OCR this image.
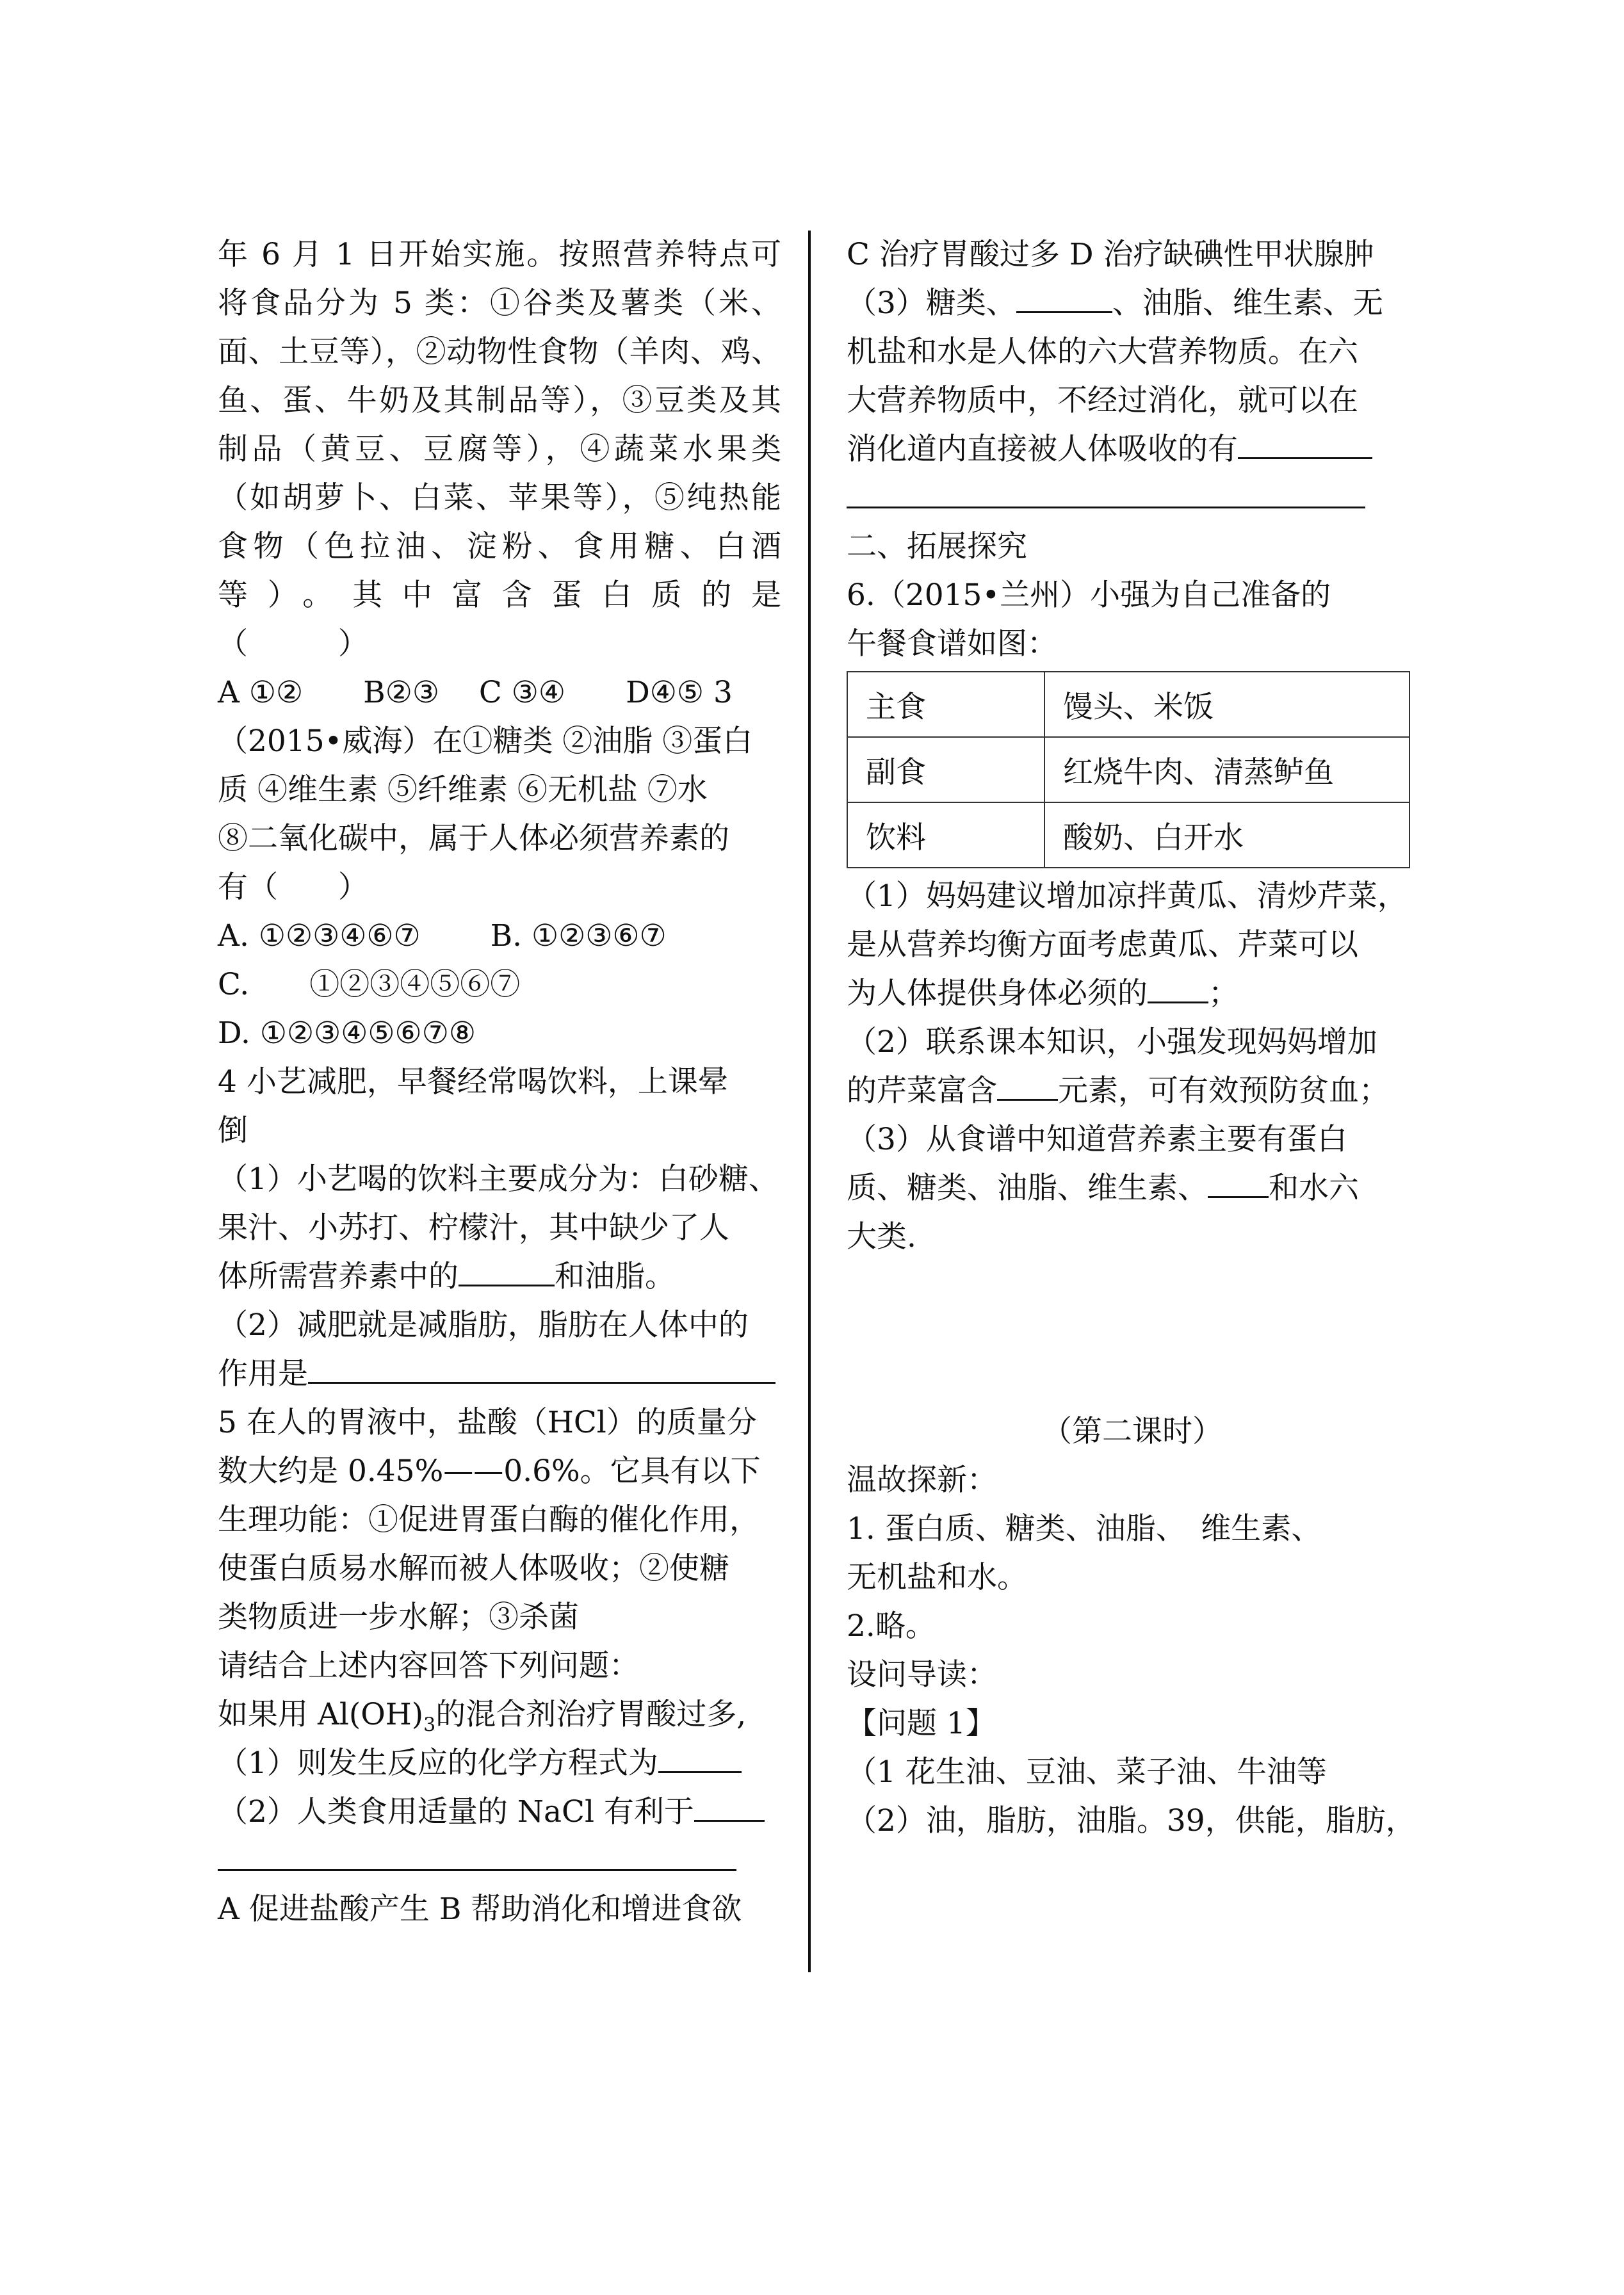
年 6 月 1 日开始实施。按照营养特点可
将食品分为 5 类：①谷类及薯类（米、
面、土豆等），②动物性食物（羊肉、鸡、
鱼、蛋、牛奶及其制品等），③豆类及其
制品（黄豆、豆腐等），④蔬菜水果类
（如胡萝卜、白菜、苹果等），⑤纯热能
食物（色拉油、淀粉、食用糖、白酒
等）。其中富含蛋白质的是
（　　　）
A ①②　　B②③　 C ③④　　D④⑤ 3
（2015•威海）在①糖类 ②油脂 ③蛋白
质 ④维生素 ⑤纤维素 ⑥无机盐 ⑦水
⑧二氧化碳中，属于人体必须营养素的
有（　　）
A. ①②③④⑥⑦　　 B. ①②③⑥⑦
C.　　①②③④⑤⑥⑦
D. ①②③④⑤⑥⑦⑧
4 小艺减肥，早餐经常喝饮料，上课晕
倒
（1）小艺喝的饮料主要成分为：白砂糖、
果汁、小苏打、柠檬汁，其中缺少了人
体所需营养素中的	和油脂。
（2）减肥就是减脂肪，脂肪在人体中的
作用是
5 在人的胃液中，盐酸（HCl）的质量分
数大约是 0.45%——0.6%。它具有以下
生理功能：①促进胃蛋白酶的催化作用，
使蛋白质易水解而被人体吸收；②使糖
类物质进一步水解；③杀菌
请结合上述内容回答下列问题：
如果用 $Al(OH)_3$的混合剂治疗胃酸过多,
（1）则发生反应的化学方程式为
（2）人类食用适量的 NaCl 有利于
A 促进盐酸产生 B 帮助消化和增进食欲
C 治疗胃酸过多 D 治疗缺碘性甲状腺肿
（3）糖类、	、油脂、维生素、无
机盐和水是人体的六大营养物质。在六
大营养物质中，不经过消化，就可以在
消化道内直接被人体吸收的有
二、拓展探究
6.（2015•兰州）小强为自己准备的
午餐食谱如图：
主食	馒头、米饭
副食	红烧牛肉、清蒸鲈鱼
饮料	酸奶、白开水
（1）妈妈建议增加凉拌黄瓜、清炒芹菜，
是从营养均衡方面考虑黄瓜、芹菜可以
为人体提供身体必须的 ；
（2）联系课本知识，小强发现妈妈增加
的芹菜富含 元素，可有效预防贫血；
（3）从食谱中知道营养素主要有蛋白
质、糖类、油脂、维生素、 和水六
大类.
（第二课时）
温故探新：
1. 蛋白质、糖类、油脂、　维生素、
无机盐和水。
2.略。
设问导读：
【问题 1】
（1 花生油、豆油、菜子油、牛油等
（2）油，脂肪，油脂。39，供能，脂肪，
